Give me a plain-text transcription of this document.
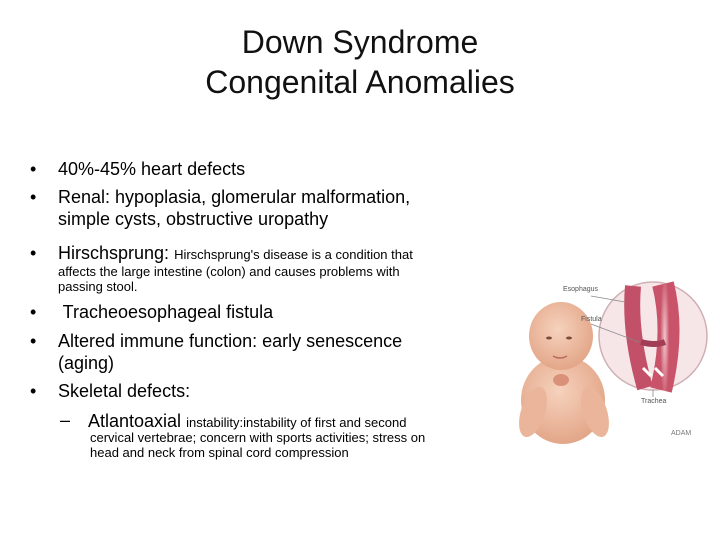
Down Syndrome
Congenital Anomalies
• 40%-45% heart defects
• Renal: hypoplasia, glomerular malformation,
simple cysts, obstructive uropathy
• Hirschsprung: Hirschsprung's disease is a condition that
affects the large intestine (colon) and causes problems with
passing stool.
• Tracheoesophageal fistula
• Altered immune function: early senescence
(aging)
• Skeletal defects:
– Atlantoaxial instability:instability of first and second
cervical vertebrae; concern with sports activities; stress on
head and neck from spinal cord compression
Esophagus
Fistula
Trachea
ADAM
